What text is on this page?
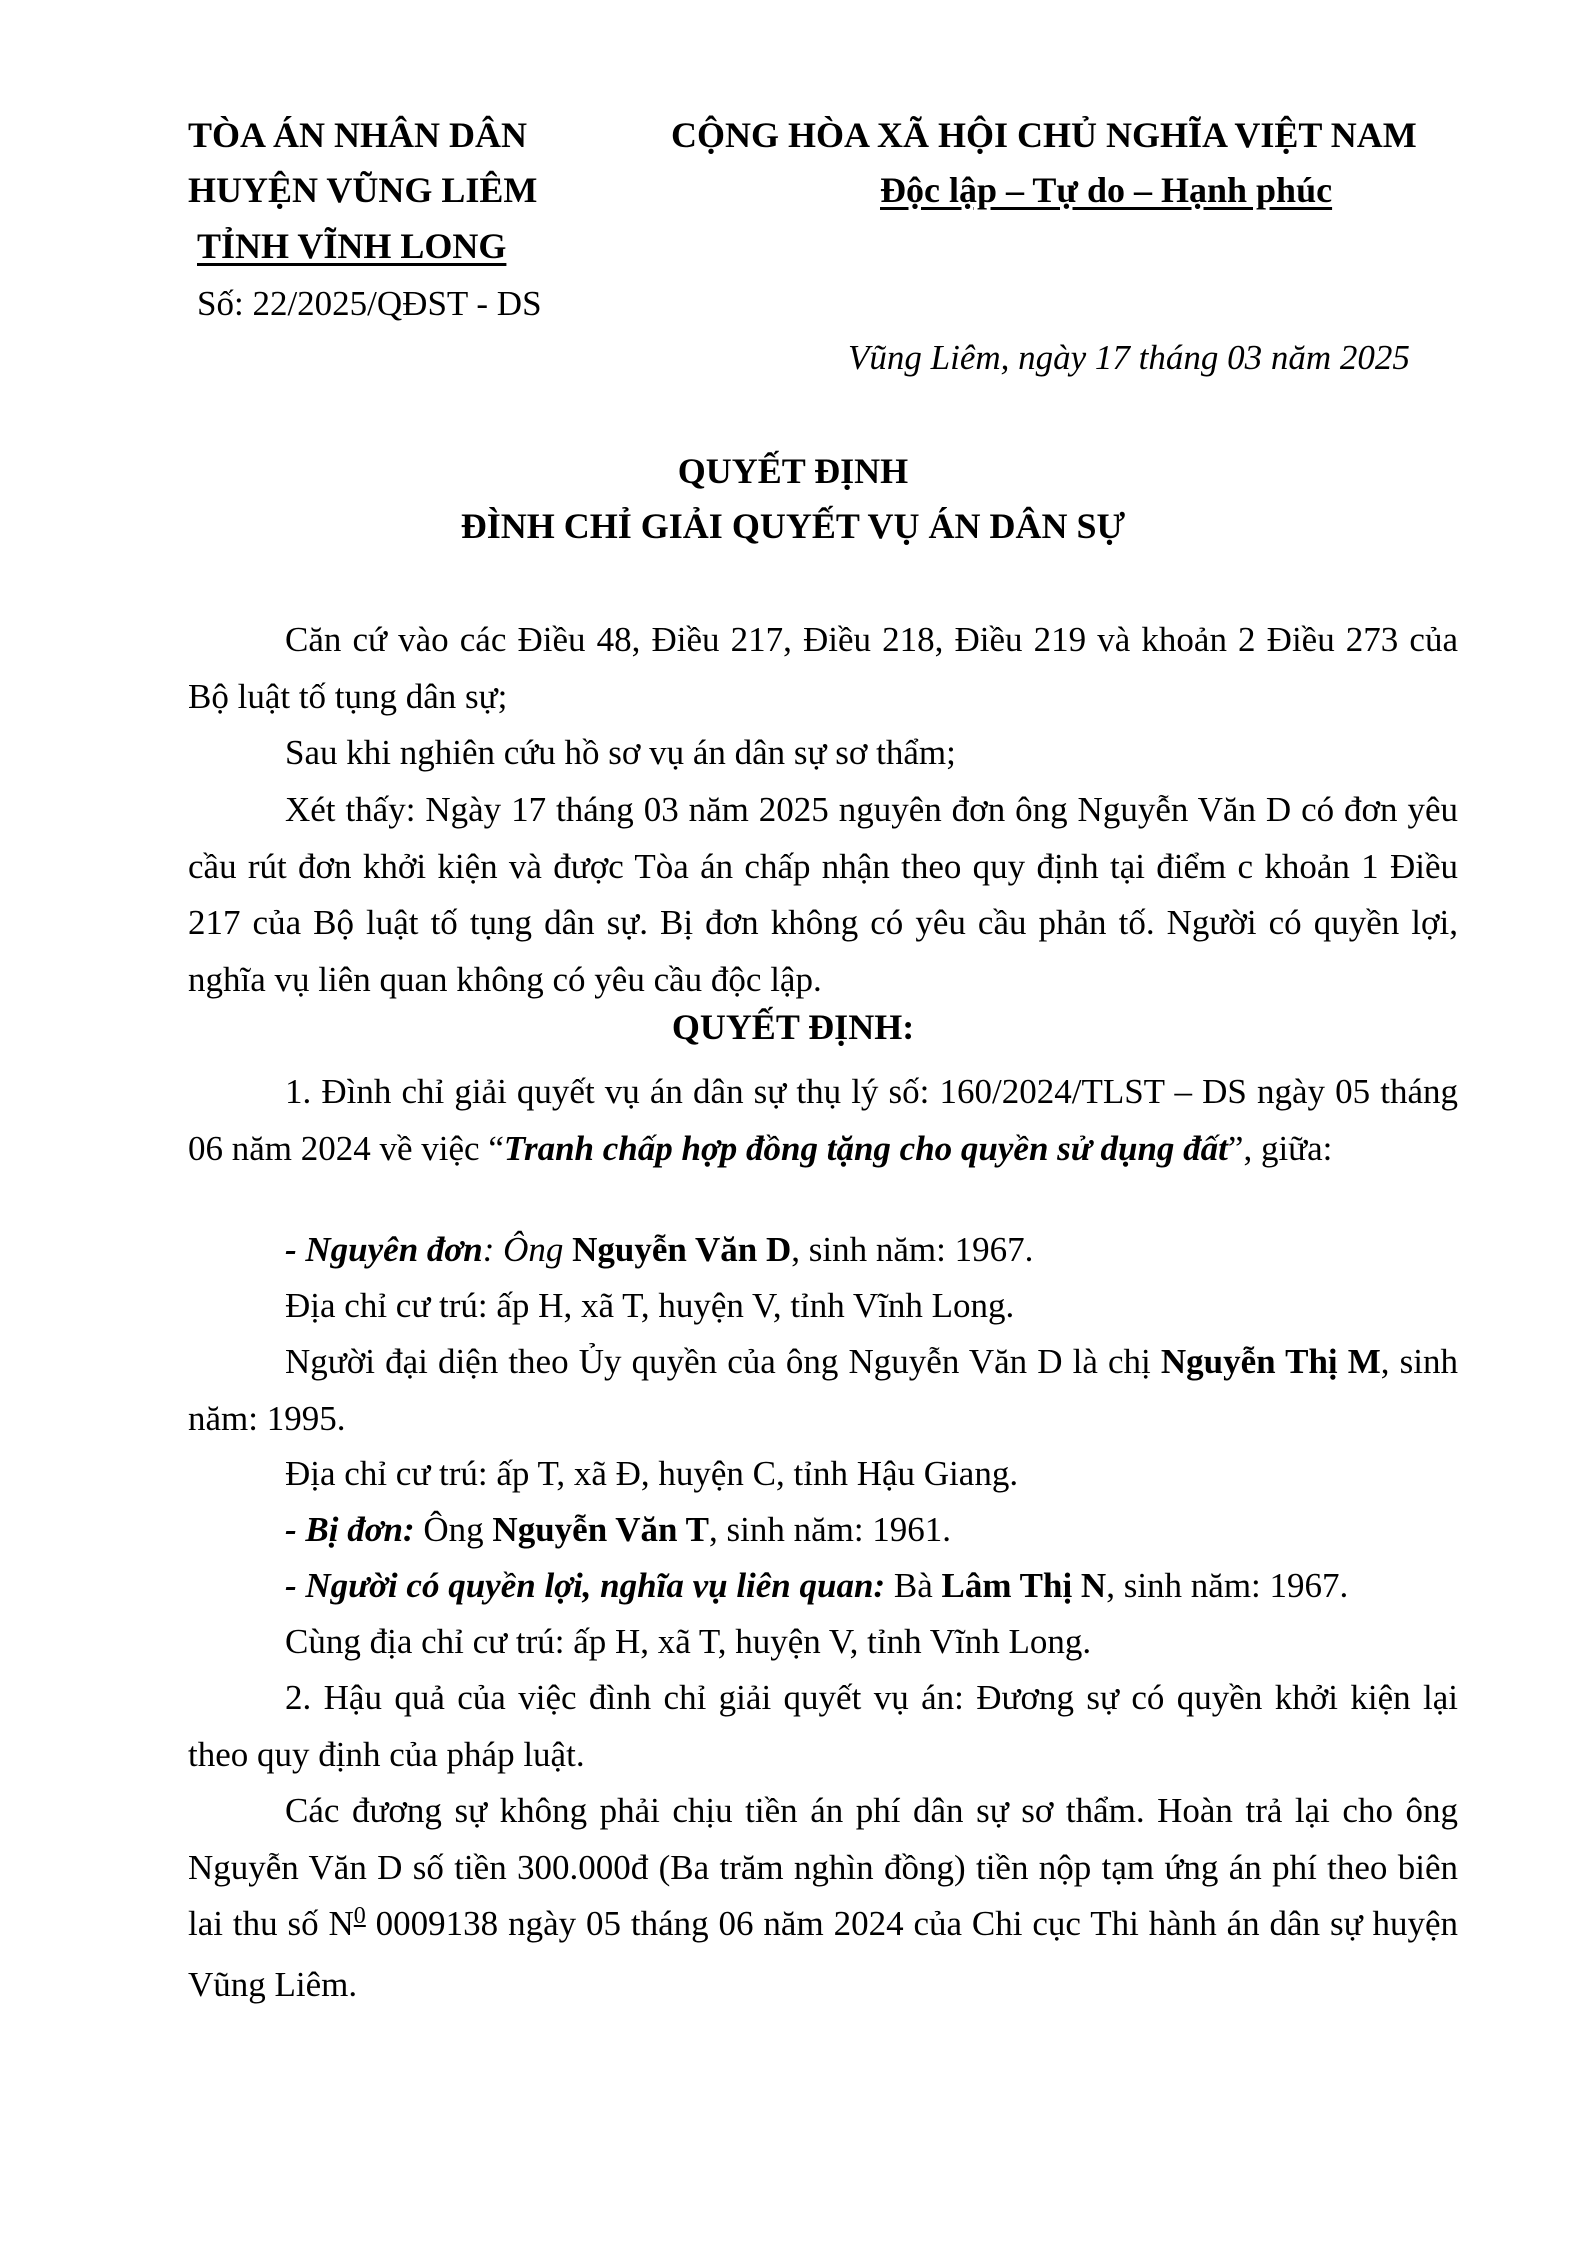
TÒA ÁN NHÂN DÂN
HUYỆN VŨNG LIÊM
TỈNH VĨNH LONG
Số: 22/2025/QĐST - DS
CỘNG HÒA XÃ HỘI CHỦ NGHĨA VIỆT NAM
Độc lập – Tự do – Hạnh phúc
Vũng Liêm, ngày 17 tháng 03 năm 2025
QUYẾT ĐỊNH
ĐÌNH CHỈ GIẢI QUYẾT VỤ ÁN DÂN SỰ
Căn cứ vào các Điều 48, Điều 217, Điều 218, Điều 219 và khoản 2 Điều 273 của Bộ luật tố tụng dân sự;
Sau khi nghiên cứu hồ sơ vụ án dân sự sơ thẩm;
Xét thấy: Ngày 17 tháng 03 năm 2025 nguyên đơn ông Nguyễn Văn D có đơn yêu cầu rút đơn khởi kiện và được Tòa án chấp nhận theo quy định tại điểm c khoản 1 Điều 217 của Bộ luật tố tụng dân sự. Bị đơn không có yêu cầu phản tố. Người có quyền lợi, nghĩa vụ liên quan không có yêu cầu độc lập.
QUYẾT ĐỊNH:
1. Đình chỉ giải quyết vụ án dân sự thụ lý số: 160/2024/TLST – DS ngày 05 tháng 06 năm 2024 về việc “Tranh chấp hợp đồng tặng cho quyền sử dụng đất”, giữa:
- Nguyên đơn: Ông Nguyễn Văn D, sinh năm: 1967.
Địa chỉ cư trú: ấp H, xã T, huyện V, tỉnh Vĩnh Long.
Người đại diện theo Ủy quyền của ông Nguyễn Văn D là chị Nguyễn Thị M, sinh năm: 1995.
Địa chỉ cư trú: ấp T, xã Đ, huyện C, tỉnh Hậu Giang.
- Bị đơn: Ông Nguyễn Văn T, sinh năm: 1961.
- Người có quyền lợi, nghĩa vụ liên quan: Bà Lâm Thị N, sinh năm: 1967.
Cùng địa chỉ cư trú: ấp H, xã T, huyện V, tỉnh Vĩnh Long.
2. Hậu quả của việc đình chỉ giải quyết vụ án: Đương sự có quyền khởi kiện lại theo quy định của pháp luật.
Các đương sự không phải chịu tiền án phí dân sự sơ thẩm. Hoàn trả lại cho ông Nguyễn Văn D số tiền 300.000đ (Ba trăm nghìn đồng) tiền nộp tạm ứng án phí theo biên lai thu số $N^0$ 0009138 ngày 05 tháng 06 năm 2024 của Chi cục Thi hành án dân sự huyện Vũng Liêm.
